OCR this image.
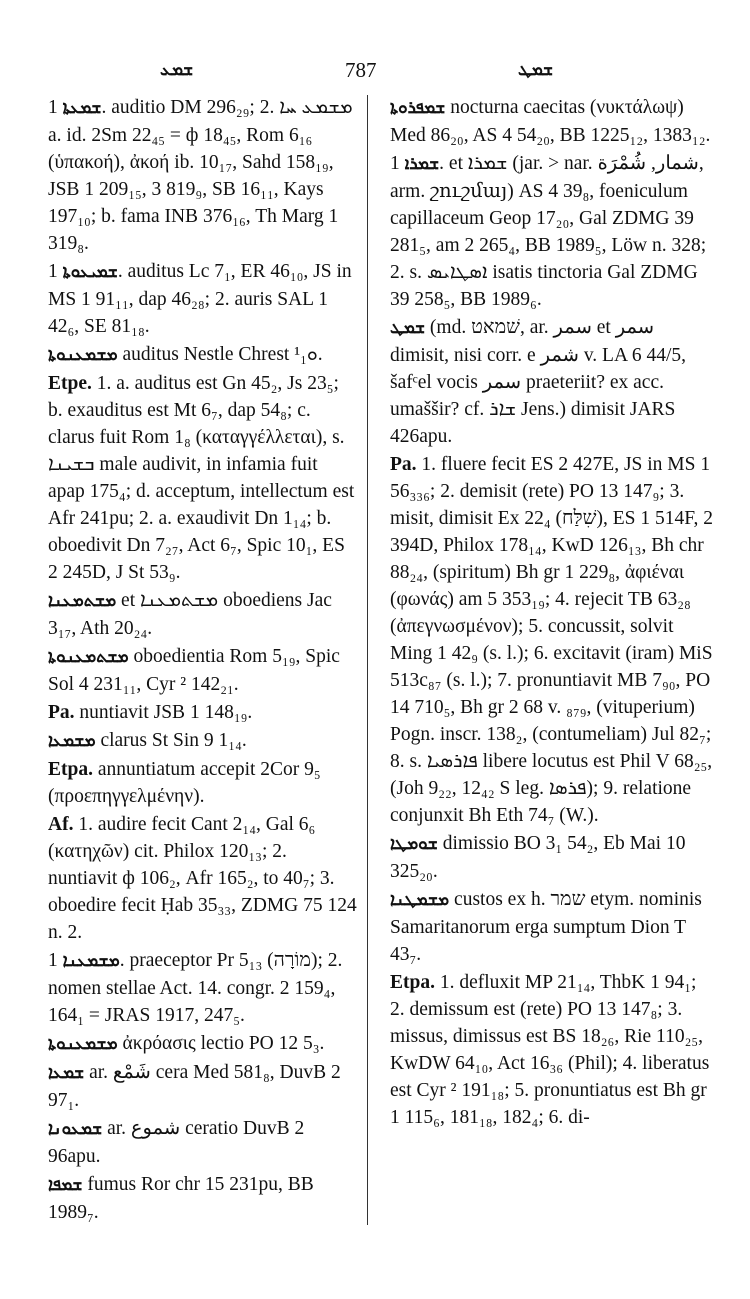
ܫܡܥ	787	ܫܡܛ

ܫܡܥܬܐ 1. auditio DM 296₂₉; 2. ܡܫܡܥ ܚܐ a. id. 2Sm 22₄₅ = ф 18₄₅, Rom 6₁₆ (ὑπακοή), ἀκοή ib. 10₁₇, Sahd 158₁₉, JSB 1 209₁₅, 3 819₉, SB 16₁₁, Kays 197₁₀; b. fama INB 376₁₆, Th Marg 1 319₈.

ܫܡܝܥܘܬܐ 1. auditus Lc 7₁, ER 46₁₀, JS in MS 1 91₁₁, dap 46₂₈; 2. auris SAL 1 42₆, SE 81₁₈.

ܡܫܡܥܢܘܬܐ auditus Nestle Chrest ¹ܘ₁.

Etpe. 1. a. auditus est Gn 45₂, Js 23₅; b. exauditus est Mt 6₇, dap 54₈; c. clarus fuit Rom 1₈ (καταγγέλλεται), s. ܒܫܝܢܐ male audivit, in infamia fuit apap 175₄; d. acceptum, intellectum est Afr 241pu; 2. a. exaudivit Dn 1₁₄; b. oboedivit Dn 7₂₇, Act 6₇, Spic 10₁, ES 2 245D, J St 53₉.

ܡܫܬܡܥܢܐ et ܡܫܬܡܥܢܐ oboediens Jac 3₁₇, Ath 20₂₄.

ܡܫܬܡܥܢܘܬܐ oboedientia Rom 5₁₉, Spic Sol 4 231₁₁, Cyr ² 142₂₁.

Pa. nuntiavit JSB 1 148₁₉.

ܡܫܡܥܐ clarus St Sin 9 1₁₄.

Etpa. annuntiatum accepit 2Cor 9₅ (προεπηγγελμένην).

Af. 1. audire fecit Cant 2₁₄, Gal 6₆ (κατηχῶν) cit. Philox 120₁₃; 2. nuntiavit ф 106₂, Afr 165₂, to 40₇; 3. oboedire fecit Ḥab 35₃₃, ZDMG 75 124 n. 2.

ܡܫܡܥܢܐ 1. praeceptor Pr 5₁₃ (מוֹרָה); 2. nomen stellae Act. 14. congr. 2 159₄, 164₁ = JRAS 1917, 247₅.

ܡܫܡܥܢܘܬܐ ἀκρόασις lectio PO 12 5₃.

ܫܡܥܐ ar. شَمْع cera Med 581₈, DuvB 2 97₁.

ܫܡܥܘܢܐ ar. شموع ceratio DuvB 2 96apu.

ܫܡܦܐ fumus Ror chr 15 231pu, BB 1989₇.

ܫܡܦܪܘܬܐ nocturna caecitas (νυκτάλωψ) Med 86₂₀, AS 4 54₂₀, BB 1225₁₂, 1383₁₂.

ܫܡܪܐ 1. et ܫܡܪܐ (jar. > nar. شمار, شُمْرَة, arm. շուշմայ) AS 4 39₈, foeniculum capillaceum Geop 17₂₀, Gal ZDMG 39 281₅, am 2 265₄, BB 1989₅, Löw n. 328; 2. s. ܐܣܛܐܝܣ isatis tinctoria Gal ZDMG 39 258₅, BB 1989₆.

ܫܡܛ (md. שׁמאט, ar. سمر et سمر dimisit, nisi corr. e شمر v. LA 6 44/5, šafᶜel vocis سمر praeteriit? ex acc. umaššir? cf. ܫܐܪ Jens.) dimisit JARS 426apu.

Pa. 1. fluere fecit ES 2 427E, JS in MS 1 56₃₃₆; 2. demisit (rete) PO 13 147₉; 3. misit, dimisit Ex 22₄ (שִׁלַּח), ES 1 514F, 2 394D, Philox 178₁₄, KwD 126₁₃, Bh chr 88₂₄, (spiritum) Bh gr 1 229₈, ἀφιέναι (φωνάς) am 5 353₁₉; 4. rejecit TB 63₂₈ (ἀπεγνωσμένον); 5. concussit, solvit Ming 1 42₉ (s. l.); 6. excitavit (iram) MiS 513c₈₇ (s. l.); 7. pronuntiavit MB 7₉₀, PO 14 710₅, Bh gr 2 68 v. ₈₇₉, (vituperium) Pogn. inscr. 138₂, (contumeliam) Jul 82₇; 8. s. ܦܐܪܣܝܐ libere locutus est Phil V 68₂₅, (Joh 9₂₂, 12₄₂ S leg. ܦܪܣܐ); 9. relatione conjunxit Bh Eth 74₇ (W.).

ܫܘܡܛܐ dimissio BO 3₁ 54₂, Eb Mai 10 325₂₀.

ܡܫܡܛܢܐ custos ex h. שמר etym. nominis Samaritanorum erga sumptum Dion T 43₇.

Etpa. 1. defluxit MP 21₁₄, ThbK 1 94₁; 2. demissum est (rete) PO 13 147₈; 3. missus, dimissus est BS 18₂₆, Rie 110₂₅, KwDW 64₁₀, Act 16₃₆ (Phil); 4. liberatus est Cyr ² 191₁₈; 5. pronuntiatus est Bh gr 1 115₆, 181₁₈, 182₄; 6. di-
